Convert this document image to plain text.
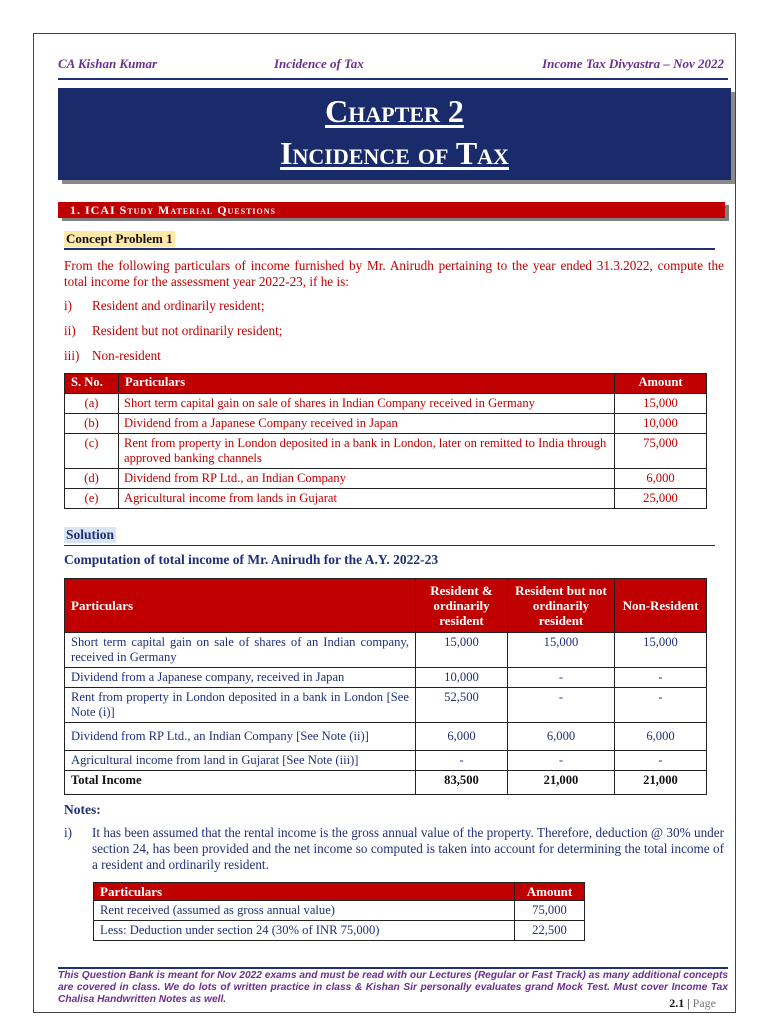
CA Kishan Kumar	Incidence of Tax	Income Tax Divyastra – Nov 2022
Chapter 2
Incidence of Tax
1. ICAI Study Material Questions
Concept Problem 1
From the following particulars of income furnished by Mr. Anirudh pertaining to the year ended 31.3.2022, compute the total income for the assessment year 2022-23, if he is:
i) Resident and ordinarily resident;
ii) Resident but not ordinarily resident;
iii) Non-resident
S. No.	Particulars	Amount
(a)	Short term capital gain on sale of shares in Indian Company received in Germany	15,000
(b)	Dividend from a Japanese Company received in Japan	10,000
(c)	Rent from property in London deposited in a bank in London, later on remitted to India through approved banking channels	75,000
(d)	Dividend from RP Ltd., an Indian Company	6,000
(e)	Agricultural income from lands in Gujarat	25,000
Solution
Computation of total income of Mr. Anirudh for the A.Y. 2022-23
Particulars	Resident & ordinarily resident	Resident but not ordinarily resident	Non-Resident
Short term capital gain on sale of shares of an Indian company, received in Germany	15,000	15,000	15,000
Dividend from a Japanese company, received in Japan	10,000	-	-
Rent from property in London deposited in a bank in London [See Note (i)]	52,500	-	-
Dividend from RP Ltd., an Indian Company [See Note (ii)]	6,000	6,000	6,000
Agricultural income from land in Gujarat [See Note (iii)]	-	-	-
Total Income	83,500	21,000	21,000
Notes:
i)	It has been assumed that the rental income is the gross annual value of the property. Therefore, deduction @ 30% under section 24, has been provided and the net income so computed is taken into account for determining the total income of a resident and ordinarily resident.
Particulars	Amount
Rent received (assumed as gross annual value)	75,000
Less: Deduction under section 24 (30% of INR 75,000)	22,500
This Question Bank is meant for Nov 2022 exams and must be read with our Lectures (Regular or Fast Track) as many additional concepts are covered in class. We do lots of written practice in class & Kishan Sir personally evaluates grand Mock Test. Must cover Income Tax Chalisa Handwritten Notes as well.	2.1 | Page
